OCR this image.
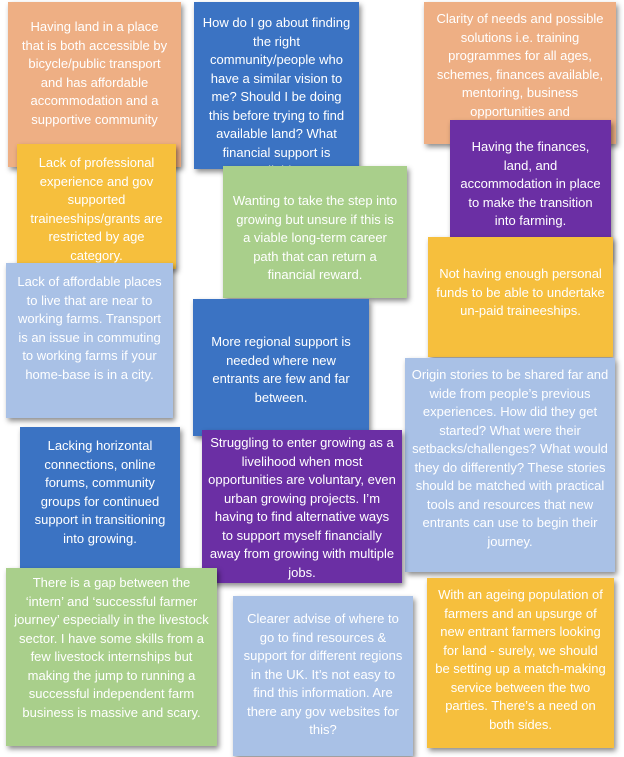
Having land in a place that is both accessible by bicycle/public transport and has affordable accommodation and a supportive community
How do I go about finding the right community/people who have a similar vision to me? Should I be doing this before trying to find available land? What financial support is
Clarity of needs and possible solutions i.e. training programmes for all ages, schemes, finances available, mentoring, business opportunities and
Lack of professional experience and gov supported traineeships/grants are restricted by age category.
Having the finances, land, and accommodation in place to make the transition into farming.
Wanting to take the step into growing but unsure if this is a viable long-term career path that can return a financial reward.
Lack of affordable places to live that are near to working farms. Transport is an issue in commuting to working farms if your home-base is in a city.
Not having enough personal funds to be able to undertake un-paid traineeships.
More regional support is needed where new entrants are few and far between.
Origin stories to be shared far and wide from people’s previous experiences. How did they get started? What were their setbacks/challenges? What would they do differently? These stories should be matched with practical tools and resources that new entrants can use to begin their journey.
Lacking horizontal connections, online forums, community groups for continued support in transitioning into growing.
Struggling to enter growing as a livelihood when most opportunities are voluntary, even urban growing projects. I’m having to find alternative ways to support myself financially away from growing with multiple jobs.
There is a gap between the ‘intern’ and ‘successful farmer journey’ especially in the livestock sector. I have some skills from a few livestock internships but making the jump to running a successful independent farm business is massive and scary.
Clearer advise of where to go to find resources & support for different regions in the UK. It’s not easy to find this information. Are there any gov websites for this?
With an ageing population of farmers and an upsurge of new entrant farmers looking for land - surely, we should be setting up a match-making service between the two parties. There’s a need on both sides.
